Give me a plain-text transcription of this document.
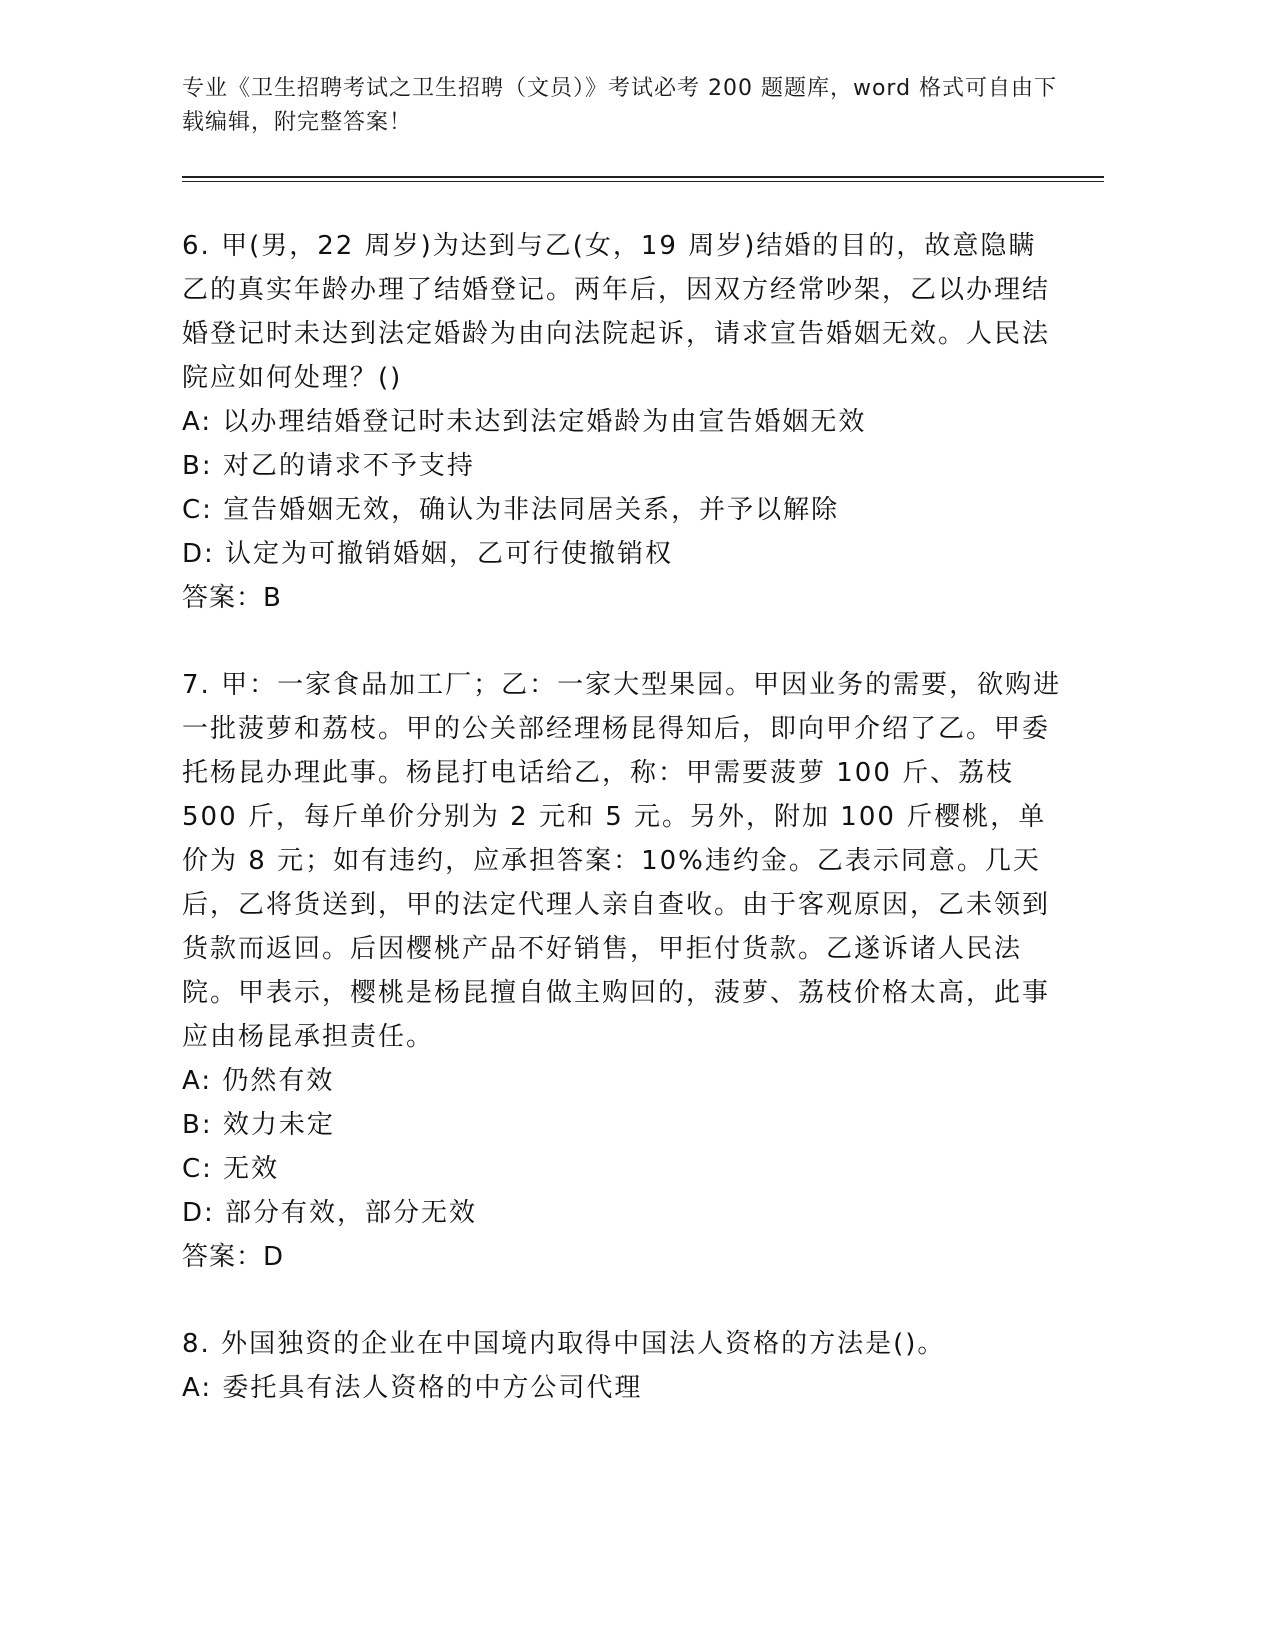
专业《卫生招聘考试之卫生招聘（文员）》考试必考 200 题题库，word 格式可自由下载编辑，附完整答案！

6. 甲(男，22 周岁)为达到与乙(女，19 周岁)结婚的目的，故意隐瞒乙的真实年龄办理了结婚登记。两年后，因双方经常吵架，乙以办理结婚登记时未达到法定婚龄为由向法院起诉，请求宣告婚姻无效。人民法院应如何处理？()

A: 以办理结婚登记时未达到法定婚龄为由宣告婚姻无效

B: 对乙的请求不予支持

C: 宣告婚姻无效，确认为非法同居关系，并予以解除

D: 认定为可撤销婚姻，乙可行使撤销权

答案：B

7. 甲：一家食品加工厂；乙：一家大型果园。甲因业务的需要，欲购进一批菠萝和荔枝。甲的公关部经理杨昆得知后，即向甲介绍了乙。甲委托杨昆办理此事。杨昆打电话给乙，称：甲需要菠萝 100 斤、荔枝 500 斤，每斤单价分别为 2 元和 5 元。另外，附加 100 斤樱桃，单价为 8 元；如有违约，应承担答案：10%违约金。乙表示同意。几天后，乙将货送到，甲的法定代理人亲自查收。由于客观原因，乙未领到货款而返回。后因樱桃产品不好销售，甲拒付货款。乙遂诉诸人民法院。甲表示，樱桃是杨昆擅自做主购回的，菠萝、荔枝价格太高，此事应由杨昆承担责任。

A: 仍然有效

B: 效力未定

C: 无效

D: 部分有效，部分无效

答案：D

8. 外国独资的企业在中国境内取得中国法人资格的方法是()。

A: 委托具有法人资格的中方公司代理
